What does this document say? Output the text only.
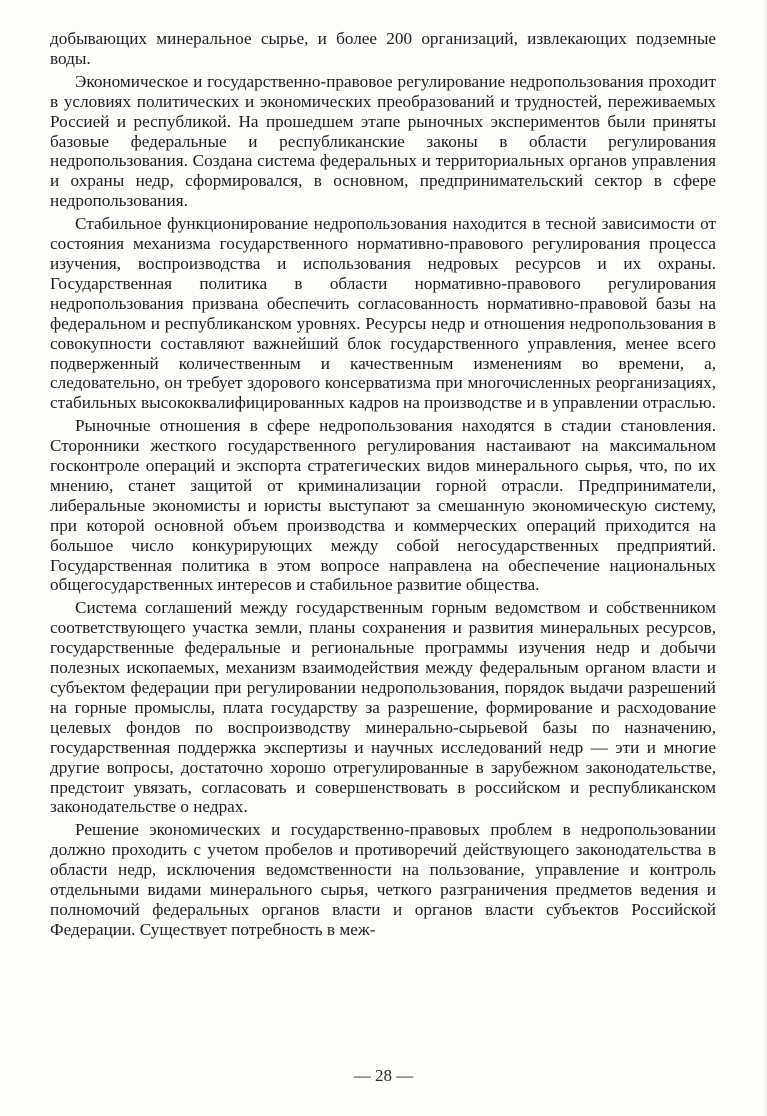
добывающих минеральное сырье, и более 200 организаций, извлекающих подземные воды.

Экономическое и государственно-правовое регулирование недропользования проходит в условиях политических и экономических преобразований и трудностей, переживаемых Россией и республикой. На прошедшем этапе рыночных экспериментов были приняты базовые федеральные и республиканские законы в области регулирования недропользования. Создана система федеральных и территориальных органов управления и охраны недр, сформировался, в основном, предпринимательский сектор в сфере недропользования.

Стабильное функционирование недропользования находится в тесной зависимости от состояния механизма государственного нормативно-правового регулирования процесса изучения, воспроизводства и использования недровых ресурсов и их охраны. Государственная политика в области нормативно-правового регулирования недропользования призвана обеспечить согласованность нормативно-правовой базы на федеральном и республиканском уровнях. Ресурсы недр и отношения недропользования в совокупности составляют важнейший блок государственного управления, менее всего подверженный количественным и качественным изменениям во времени, а, следовательно, он требует здорового консерватизма при многочисленных реорганизациях, стабильных высококвалифицированных кадров на производстве и в управлении отраслью.

Рыночные отношения в сфере недропользования находятся в стадии становления. Сторонники жесткого государственного регулирования настаивают на максимальном госконтроле операций и экспорта стратегических видов минерального сырья, что, по их мнению, станет защитой от криминализации горной отрасли. Предприниматели, либеральные экономисты и юристы выступают за смешанную экономическую систему, при которой основной объем производства и коммерческих операций приходится на большое число конкурирующих между собой негосударственных предприятий. Государственная политика в этом вопросе направлена на обеспечение национальных общегосударственных интересов и стабильное развитие общества.

Система соглашений между государственным горным ведомством и собственником соответствующего участка земли, планы сохранения и развития минеральных ресурсов, государственные федеральные и региональные программы изучения недр и добычи полезных ископаемых, механизм взаимодействия между федеральным органом власти и субъектом федерации при регулировании недропользования, порядок выдачи разрешений на горные промыслы, плата государству за разрешение, формирование и расходование целевых фондов по воспроизводству минерально-сырьевой базы по назначению, государственная поддержка экспертизы и научных исследований недр — эти и многие другие вопросы, достаточно хорошо отрегулированные в зарубежном законодательстве, предстоит увязать, согласовать и совершенствовать в российском и республиканском законодательстве о недрах.

Решение экономических и государственно-правовых проблем в недропользовании должно проходить с учетом пробелов и противоречий действующего законодательства в области недр, исключения ведомственности на пользование, управление и контроль отдельными видами минерального сырья, четкого разграничения предметов ведения и полномочий федеральных органов власти и органов власти субъектов Российской Федерации. Существует потребность в меж-

— 28 —
